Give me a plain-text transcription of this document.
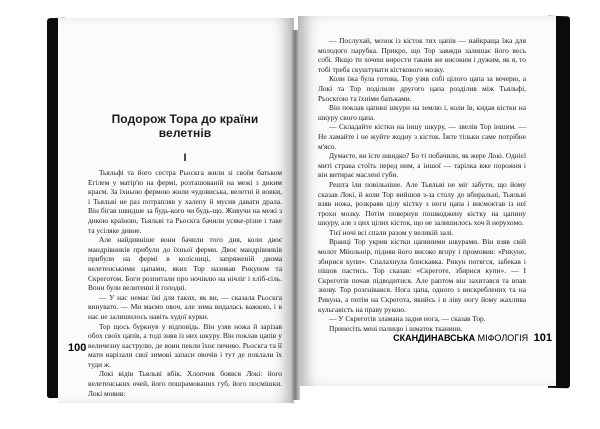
Подорож Тора до країни велетнів
I

Тьяльфі та його сестра Рьоскга жили зі своїм батьком Егілем у матір'ю на фермі, розташованій на межі з диким краєм. За їхньою фермою жили чудовиська, велетні й вовки, і Тьяльві не раз потрапляв у халепу й мусив давати драла. Він бігав швидше за будь-кого чи будь-що. Живучи на межі з дикою країною, Тьяльві та Рьоскга бачили усяке-різне і таке та усіляке дивне.

Але найдивніше вони бачили того дня, коли двоє мандрівників прибули до їхньої ферми. Двоє мандрівників прибули на фермі в колісниці, запряженій двома велетенськими цапами, яких Тор називав Рикуном та Скреготом. Боги розпитали про ночівлю на нічліг і хліб-сіль. Вони були велитенні й голодні.

— У нас немає їжі для таких, як ви, — сказала Рьоскга винувато. — Ми маємо овоч, але зима видалась важкою, і в нас не залишилось навіть худої курки.

Тор щось буркнув у відповідь. Він узяв ножа й зарізав обох своїх цапів, а тоді зняв із них шкуру. Він поклав цапів у величезну каструлю, де вони пекли їхнє печиво. Рьоскга та її мати нарізали свої зимові запаси овочів і тут де поклали їх туди ж.

Локі відів Тьяльві вбік. Хлопчик боявся Локі: його велетенських очей, його пошрамованих губ, його посмішки. Локі мовив:

— Послухай, мозок із кісток тих цапів — найкраща їжа для молодого парубка. Прикро, що Тор завжди залишає його весь собі. Якщо ти хочеш вирости таким же високим і дужим, як я, то тобі треба скуштувати кісткового мозку.

Коли їжа була готова, Тор узяв собі цілого цапа за вечерю, а Локі та Тор поділили другого цапа розділив між Тьяльфі, Рьоскгою та їхніми батьками.

Він поклав цапині шкури на землю і, коли їв, кидав кістки на шкуру свого цапа.

— Складайте кістки на іншу шкуру, — звелів Тор іншим. — Не ламайте і не жуйте жодну з кісток. Їжте тільки саме потрібне м'ясо.

Думаєте, ви їсте швидко? Бо ті побачили, як жере Локі. Однієї миті страва стоїть перед ним, а іншої — тарілка вже порожня і він витирає маслені губи.

Решта їли повільніше. Але Тьяльві не міг забути, що йому сказав Локі, й коли Тор вийшов з-за столу до вбиральні, Тьяльві взяв ножа, розкраяв цілу кістку з ноги цапа і висмоктав із неї трохи мозку. Потім повернув пошкоджену кістку на цапину шкуру, але з цих цілих кісток, що не залишилось хоч й нерухомо.

Тієї ночі всі спали разом у великій залі.

Вранці Тор укрив кістки цапиними шкурами. Він взяв свій молот Мйольнір, підняв його високо вгору і промовив: «Рикуне, збирися купи». Спалахнула блискавка. Рикун потягся, забекав і пішов пастись. Тор сказав: «Скреготе, збирися купи». — І Скреготів почав підводитися. Але раптом він захитався та впав знову. Тор розгнівався. Нога цапа, одного з вискреблених та на Рикуна, а потім на Скрегота, якийсь і в ліву ногу йому жахлива кульгавість на праву рукою.

— У Скреготів зламана задня нога, — сказав Тор.

Принесіть мені палицю і шматок тканини.

100
СКАНДИНАВСЬКА МІФОЛОГІЯ 101
